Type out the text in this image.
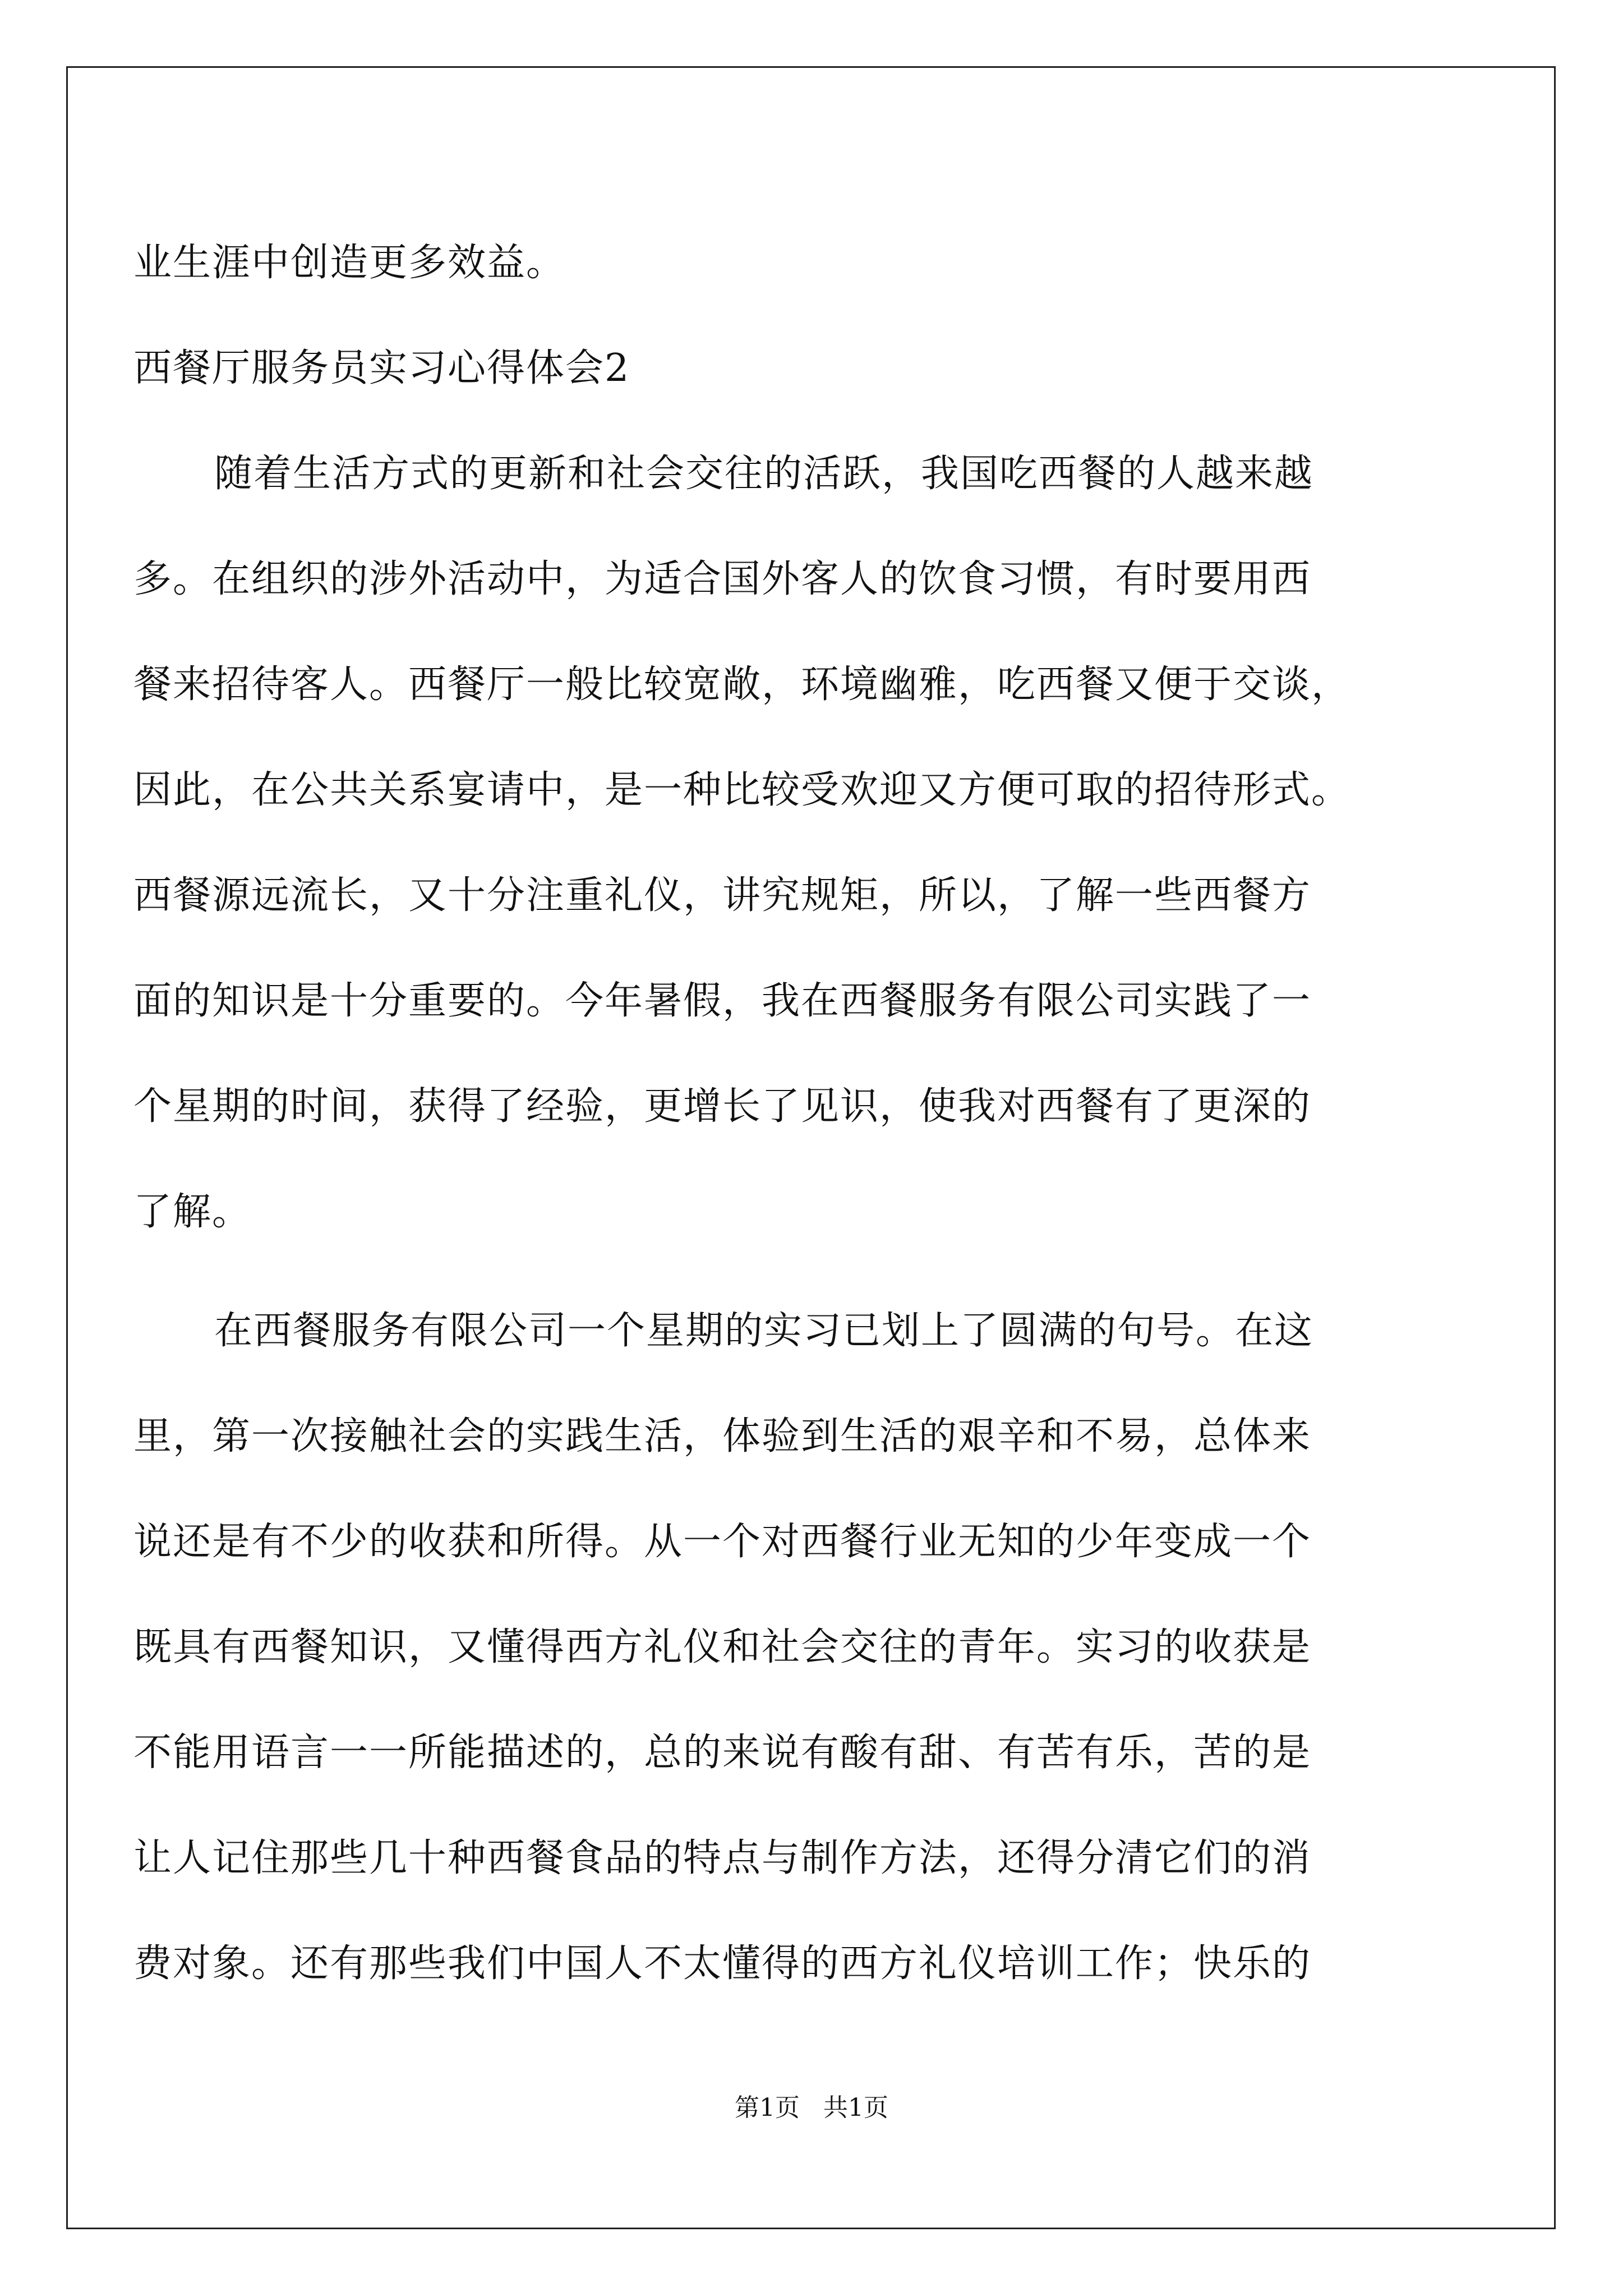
业生涯中创造更多效益。
西餐厅服务员实习心得体会2
随着生活方式的更新和社会交往的活跃，我国吃西餐的人越来越
多。在组织的涉外活动中，为适合国外客人的饮食习惯，有时要用西
餐来招待客人。西餐厅一般比较宽敞，环境幽雅，吃西餐又便于交谈，
因此，在公共关系宴请中，是一种比较受欢迎又方便可取的招待形式。
西餐源远流长，又十分注重礼仪，讲究规矩，所以，了解一些西餐方
面的知识是十分重要的。今年暑假，我在西餐服务有限公司实践了一
个星期的时间，获得了经验，更增长了见识，使我对西餐有了更深的
了解。
在西餐服务有限公司一个星期的实习已划上了圆满的句号。在这
里，第一次接触社会的实践生活，体验到生活的艰辛和不易，总体来
说还是有不少的收获和所得。从一个对西餐行业无知的少年变成一个
既具有西餐知识，又懂得西方礼仪和社会交往的青年。实习的收获是
不能用语言一一所能描述的，总的来说有酸有甜、有苦有乐，苦的是
让人记住那些几十种西餐食品的特点与制作方法，还得分清它们的消
费对象。还有那些我们中国人不太懂得的西方礼仪培训工作；快乐的
第1页 共1页
